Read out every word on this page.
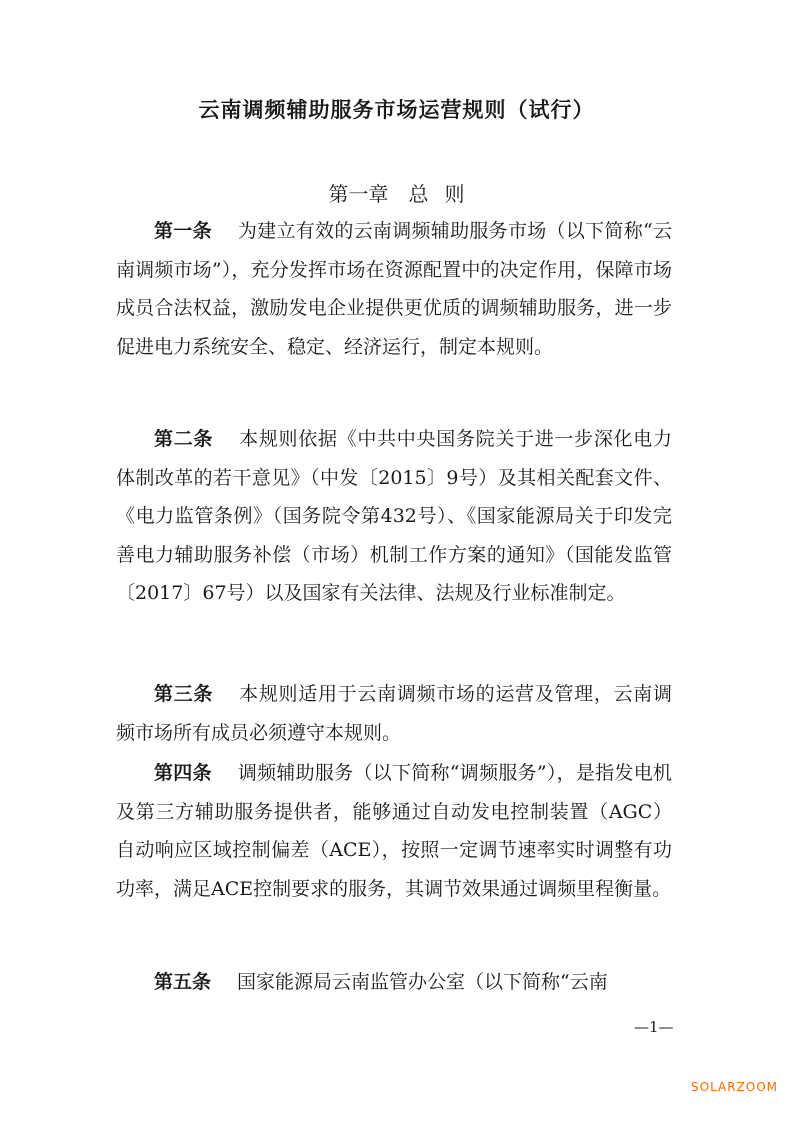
云南调频辅助服务市场运营规则（试行）
第一章 总 则
第一条 为建立有效的云南调频辅助服务市场（以下简称“云南调频市场”），充分发挥市场在资源配置中的决定作用，保障市场成员合法权益，激励发电企业提供更优质的调频辅助服务，进一步促进电力系统安全、稳定、经济运行，制定本规则。
第二条 本规则依据《中共中央国务院关于进一步深化电力体制改革的若干意见》（中发〔2015〕9号）及其相关配套文件、《电力监管条例》（国务院令第432号）、《国家能源局关于印发完善电力辅助服务补偿（市场）机制工作方案的通知》（国能发监管〔2017〕67号）以及国家有关法律、法规及行业标准制定。
第三条 本规则适用于云南调频市场的运营及管理，云南调频市场所有成员必须遵守本规则。
第四条 调频辅助服务（以下简称“调频服务”），是指发电机及第三方辅助服务提供者，能够通过自动发电控制装置（AGC）自动响应区域控制偏差（ACE），按照一定调节速率实时调整有功功率，满足ACE控制要求的服务，其调节效果通过调频里程衡量。
第五条 国家能源局云南监管办公室（以下简称“云南
—1—
SOLARZOOM
